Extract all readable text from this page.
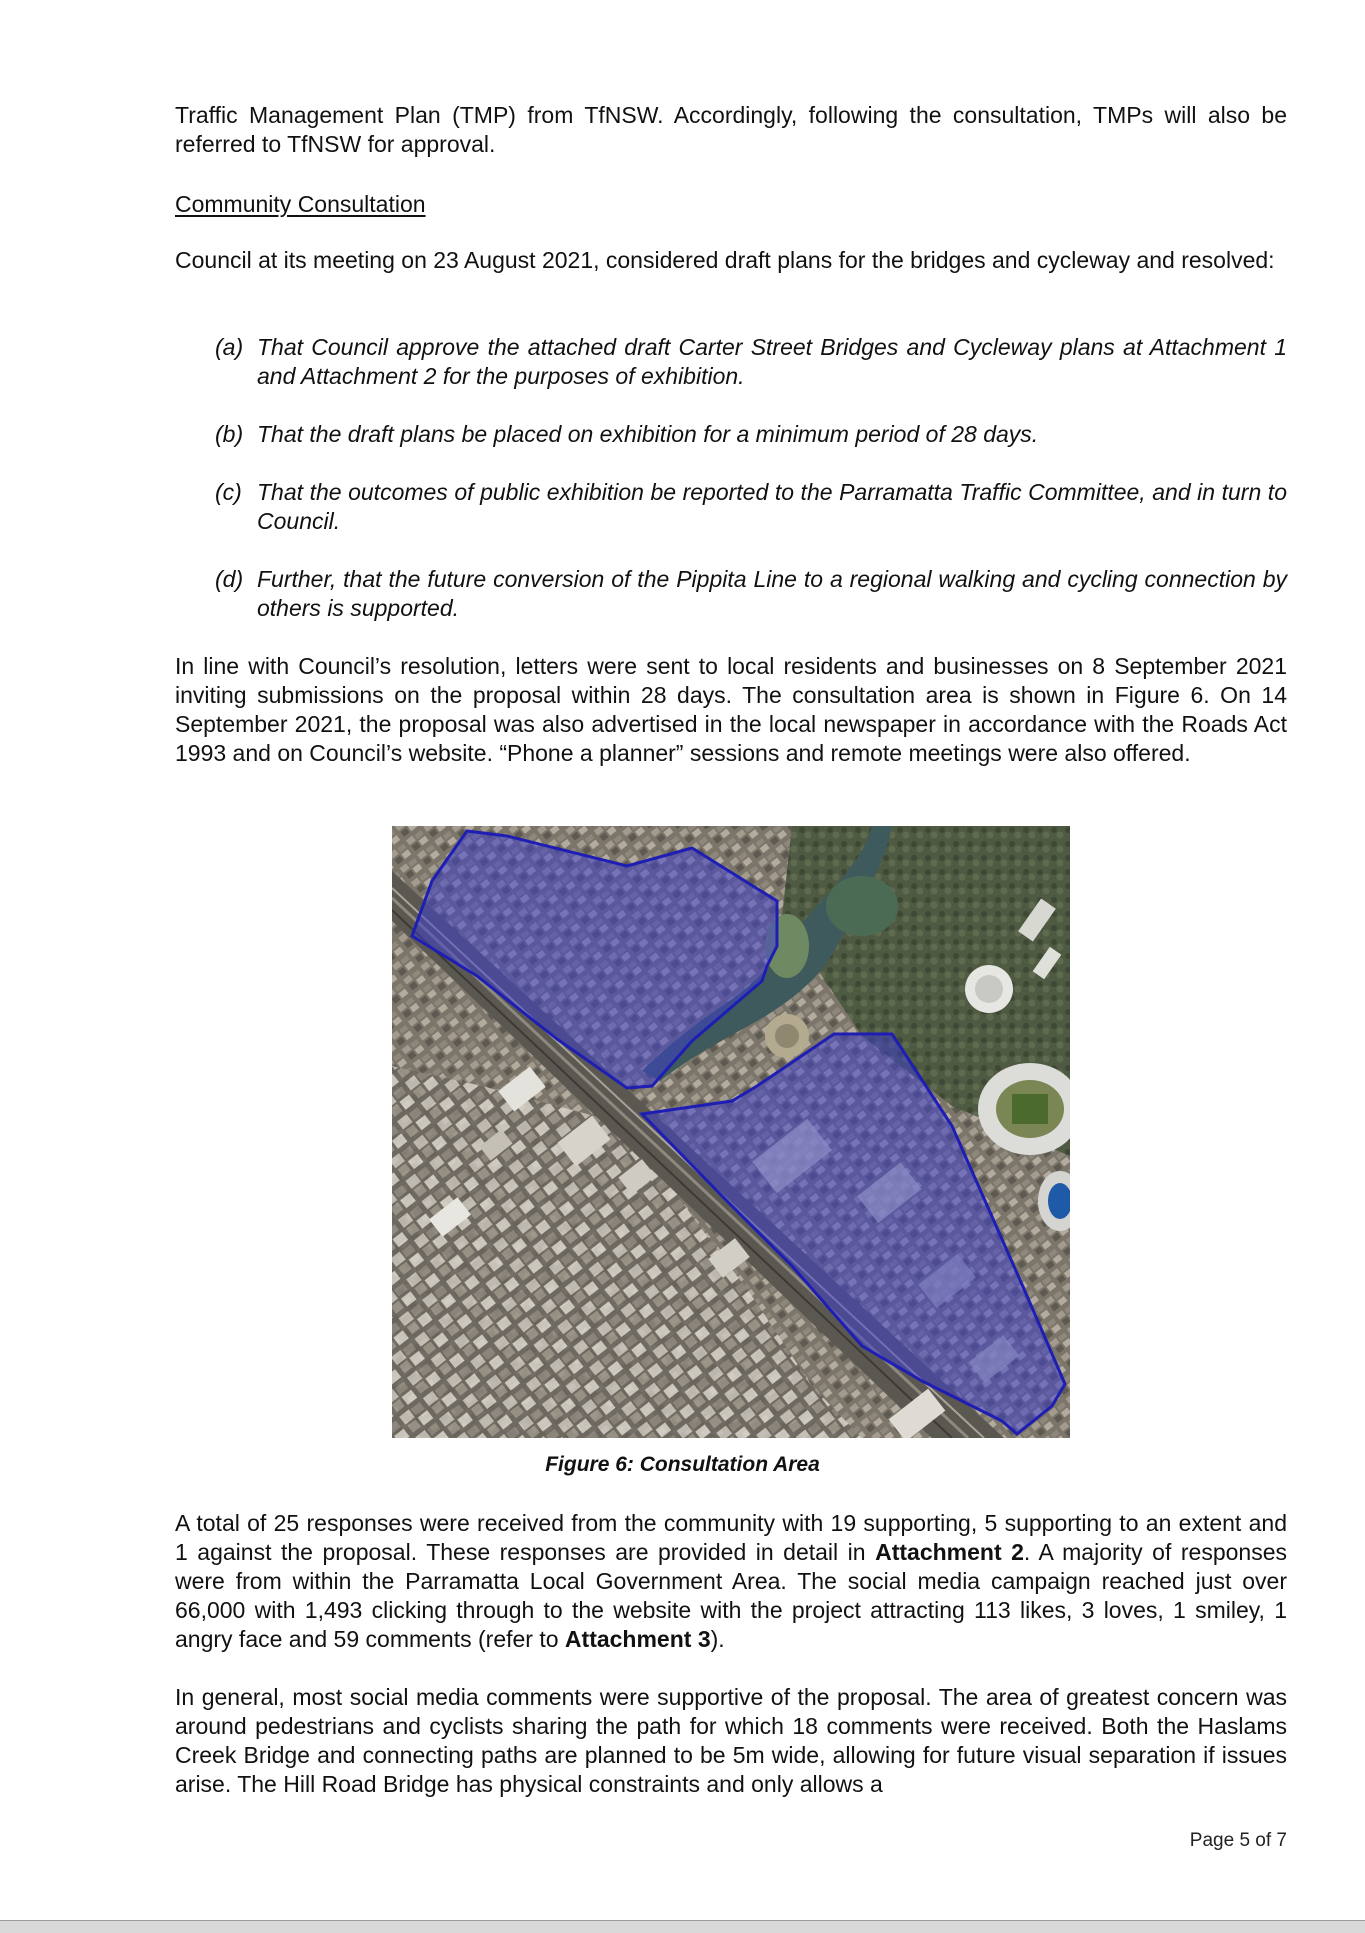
Traffic Management Plan (TMP) from TfNSW. Accordingly, following the consultation, TMPs will also be referred to TfNSW for approval.

Community Consultation

Council at its meeting on 23 August 2021, considered draft plans for the bridges and cycleway and resolved:

(a) That Council approve the attached draft Carter Street Bridges and Cycleway plans at Attachment 1 and Attachment 2 for the purposes of exhibition.

(b) That the draft plans be placed on exhibition for a minimum period of 28 days.

(c) That the outcomes of public exhibition be reported to the Parramatta Traffic Committee, and in turn to Council.

(d) Further, that the future conversion of the Pippita Line to a regional walking and cycling connection by others is supported.

In line with Council’s resolution, letters were sent to local residents and businesses on 8 September 2021 inviting submissions on the proposal within 28 days. The consultation area is shown in Figure 6. On 14 September 2021, the proposal was also advertised in the local newspaper in accordance with the Roads Act 1993 and on Council’s website. “Phone a planner” sessions and remote meetings were also offered.

Figure 6: Consultation Area

A total of 25 responses were received from the community with 19 supporting, 5 supporting to an extent and 1 against the proposal. These responses are provided in detail in Attachment 2. A majority of responses were from within the Parramatta Local Government Area. The social media campaign reached just over 66,000 with 1,493 clicking through to the website with the project attracting 113 likes, 3 loves, 1 smiley, 1 angry face and 59 comments (refer to Attachment 3).

In general, most social media comments were supportive of the proposal. The area of greatest concern was around pedestrians and cyclists sharing the path for which 18 comments were received. Both the Haslams Creek Bridge and connecting paths are planned to be 5m wide, allowing for future visual separation if issues arise. The Hill Road Bridge has physical constraints and only allows a

Page 5 of 7
